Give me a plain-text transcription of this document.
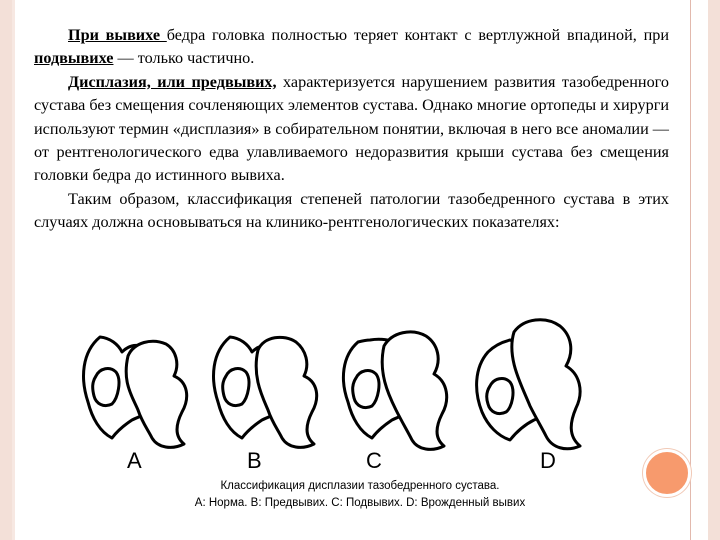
При вывихе бедра головка полностью теряет контакт с вертлужной впадиной, при подвывихе — только частично.

Дисплазия, или предвывих, характеризуется нарушением развития тазобедренного сустава без смещения сочленяющих элементов сустава. Однако многие ортопеды и хирурги используют термин «дисплазия» в собирательном понятии, включая в него все аномалии — от рентгенологического едва улавливаемого недоразвития крыши сустава без смещения головки бедра до истинного вывиха.

Таким образом, классификация степеней патологии тазобедренного сустава в этих случаях должна основываться на клинико-рентгенологических показателях:

A	B	C	D
Классификация дисплазии тазобедренного сустава.
A: Норма. B: Предвывих. C: Подвывих. D: Врожденный вывих
